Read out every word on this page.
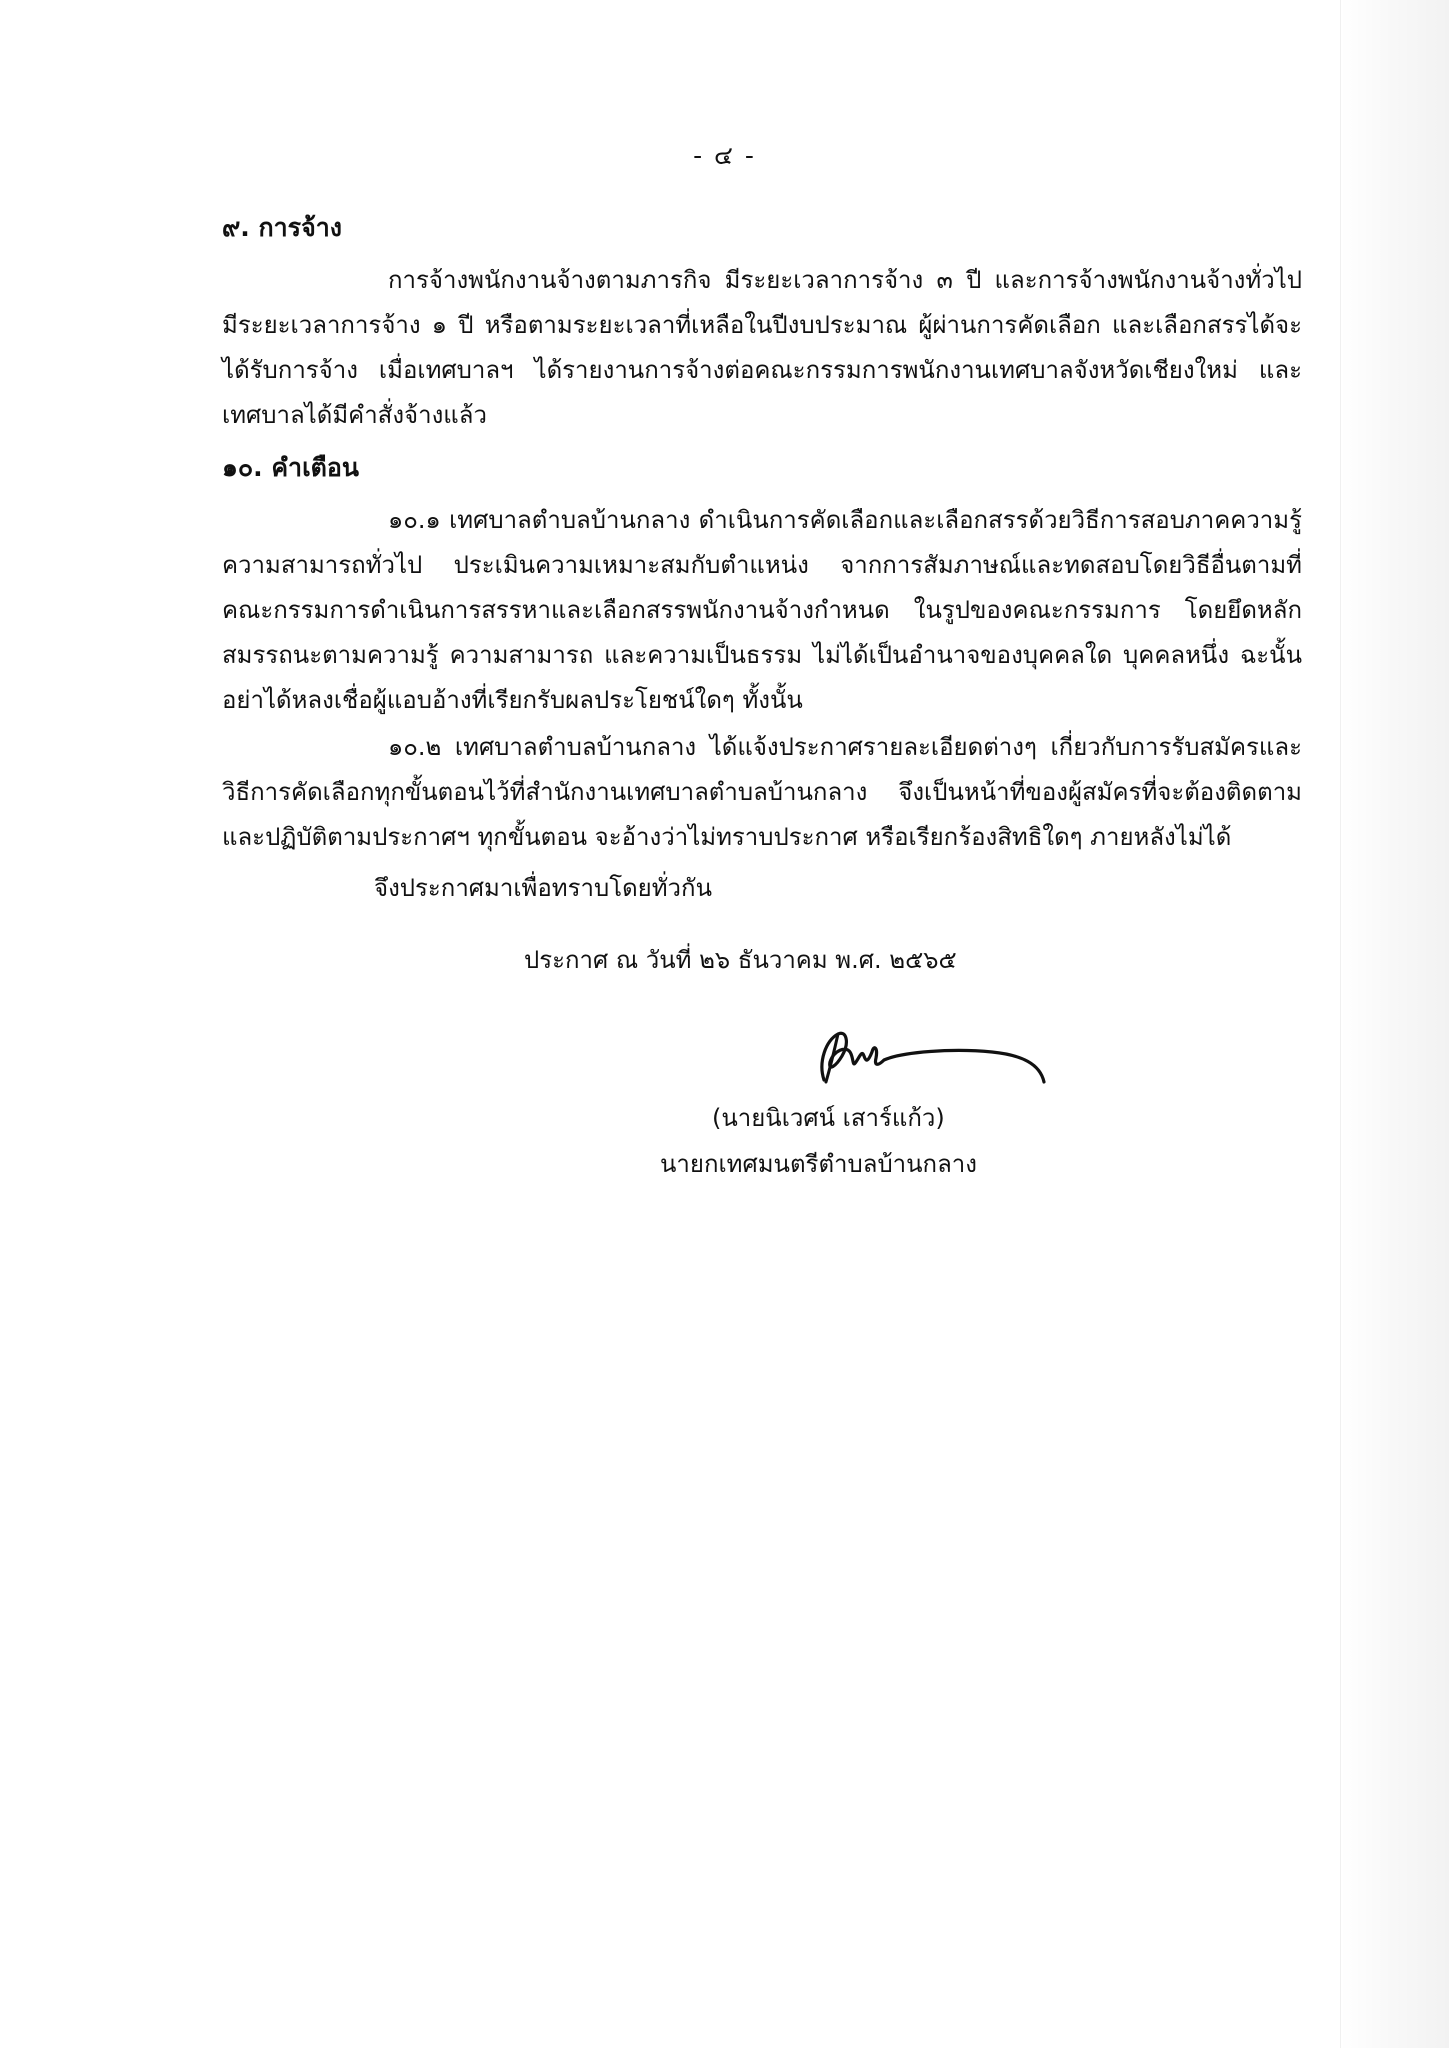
- ๔ -

๙. การจ้าง

การจ้างพนักงานจ้างตามภารกิจ มีระยะเวลาการจ้าง ๓ ปี และการจ้างพนักงานจ้างทั่วไป มีระยะเวลาการจ้าง ๑ ปี หรือตามระยะเวลาที่เหลือในปีงบประมาณ ผู้ผ่านการคัดเลือก และเลือกสรรได้จะได้รับการจ้าง เมื่อเทศบาลฯ ได้รายงานการจ้างต่อคณะกรรมการพนักงานเทศบาลจังหวัดเชียงใหม่ และเทศบาลได้มีคำสั่งจ้างแล้ว

๑๐. คำเตือน

๑๐.๑ เทศบาลตำบลบ้านกลาง ดำเนินการคัดเลือกและเลือกสรรด้วยวิธีการสอบภาคความรู้ความสามารถทั่วไป ประเมินความเหมาะสมกับตำแหน่ง จากการสัมภาษณ์และทดสอบโดยวิธีอื่นตามที่คณะกรรมการดำเนินการสรรหาและเลือกสรรพนักงานจ้างกำหนด ในรูปของคณะกรรมการ โดยยึดหลักสมรรถนะตามความรู้ ความสามารถ และความเป็นธรรม ไม่ได้เป็นอำนาจของบุคคลใด บุคคลหนึ่ง ฉะนั้นอย่าได้หลงเชื่อผู้แอบอ้างที่เรียกรับผลประโยชน์ใดๆ ทั้งนั้น

๑๐.๒ เทศบาลตำบลบ้านกลาง ได้แจ้งประกาศรายละเอียดต่างๆ เกี่ยวกับการรับสมัครและวิธีการคัดเลือกทุกขั้นตอนไว้ที่สำนักงานเทศบาลตำบลบ้านกลาง จึงเป็นหน้าที่ของผู้สมัครที่จะต้องติดตาม และปฏิบัติตามประกาศฯ ทุกขั้นตอน จะอ้างว่าไม่ทราบประกาศ หรือเรียกร้องสิทธิใดๆ ภายหลังไม่ได้

จึงประกาศมาเพื่อทราบโดยทั่วกัน
ประกาศ ณ วันที่ ๒๖ ธันวาคม พ.ศ. ๒๕๖๕
(นายนิเวศน์ เสาร์แก้ว)
นายกเทศมนตรีตำบลบ้านกลาง
